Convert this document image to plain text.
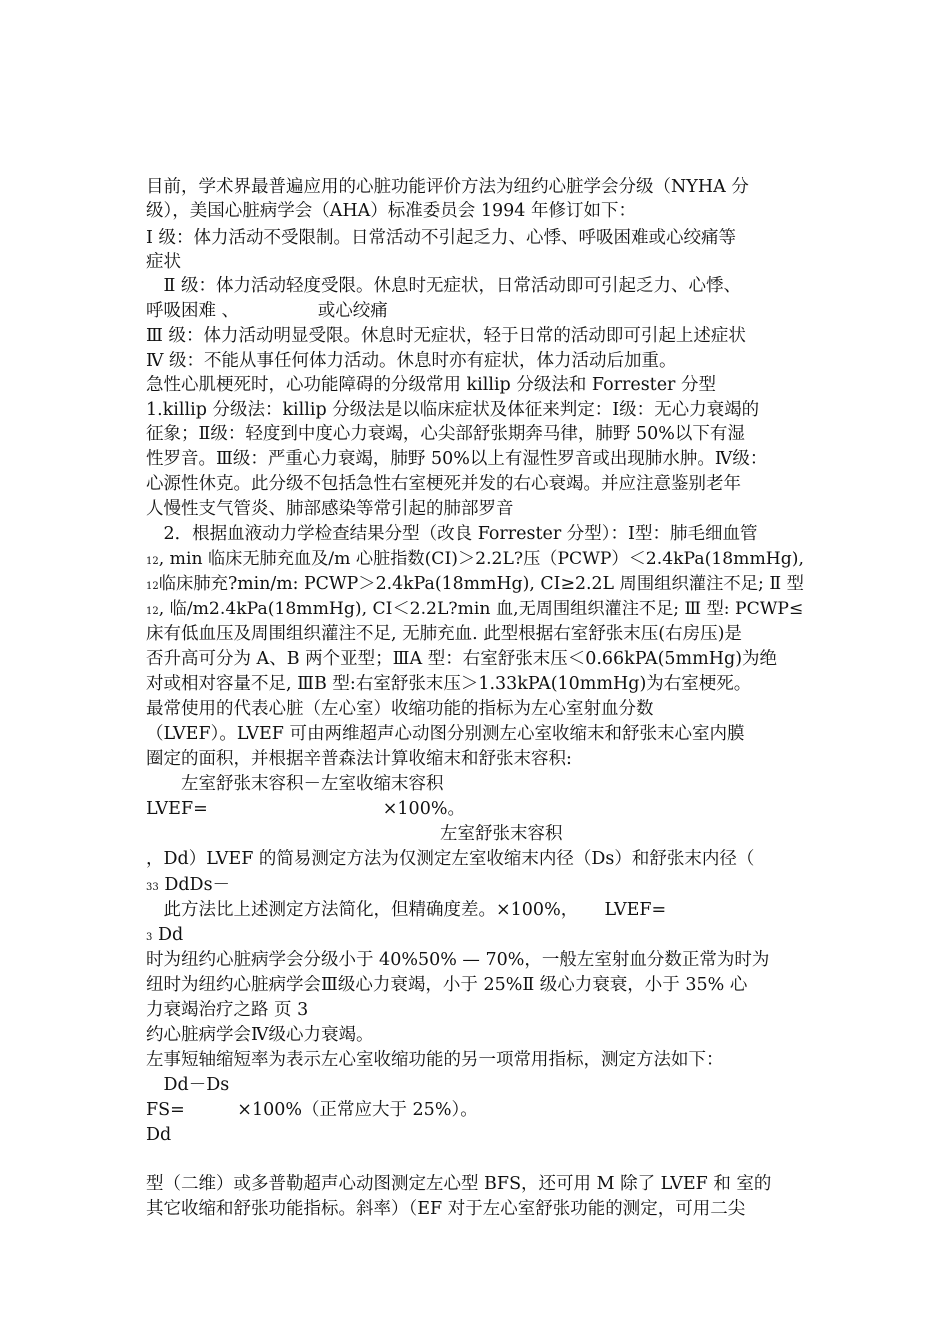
目前，学术界最普遍应用的心脏功能评价方法为纽约心脏学会分级（NYHA 分
级），美国心脏病学会（AHA）标准委员会 1994 年修订如下：
Ⅰ 级：体力活动不受限制。日常活动不引起乏力、心悸、呼吸困难或心绞痛等
症状
　Ⅱ 级：体力活动轻度受限。休息时无症状，日常活动即可引起乏力、心悸、
呼吸困难 、　　　　　或心绞痛
Ⅲ 级：体力活动明显受限。休息时无症状，轻于日常的活动即可引起上述症状
Ⅳ 级：不能从事任何体力活动。休息时亦有症状，体力活动后加重。
急性心肌梗死时，心功能障碍的分级常用 killip 分级法和 Forrester 分型
1.killip 分级法：killip 分级法是以临床症状及体征来判定：Ⅰ级：无心力衰竭的
征象；Ⅱ级：轻度到中度心力衰竭，心尖部舒张期奔马律，肺野 50%以下有湿
性罗音。Ⅲ级：严重心力衰竭，肺野 50%以上有湿性罗音或出现肺水肿。Ⅳ级：
心源性休克。此分级不包括急性右室梗死并发的右心衰竭。并应注意鉴别老年
人慢性支气管炎、肺部感染等常引起的肺部罗音
　2．根据血液动力学检查结果分型（改良 Forrester 分型）：Ⅰ型：肺毛细血管
12, min 临床无肺充血及/m 心脏指数(CI)＞2.2L?压（PCWP）＜2.4kPa(18mmHg),
12临床肺充?min/m: PCWP＞2.4kPa(18mmHg), CI≥2.2L 周围组织灌注不足; Ⅱ 型
12, 临/m2.4kPa(18mmHg), CI＜2.2L?min 血,无周围组织灌注不足; Ⅲ 型: PCWP≤
床有低血压及周围组织灌注不足, 无肺充血. 此型根据右室舒张末压(右房压)是
否升高可分为 A、B 两个亚型；ⅢA 型：右室舒张末压＜0.66kPA(5mmHg)为绝
对或相对容量不足, ⅢB 型:右室舒张末压＞1.33kPA(10mmHg)为右室梗死。
最常使用的代表心脏（左心室）收缩功能的指标为左心室射血分数
（LVEF）。LVEF 可由两维超声心动图分别测左心室收缩末和舒张末心室内膜
圈定的面积，并根据辛普森法计算收缩末和舒张末容积:
　　左室舒张末容积－左室收缩末容积
LVEF=　　　　　　　　　　×100%。
左室舒张末容积
，Dd）LVEF 的简易测定方法为仅测定左室收缩末内径（Ds）和舒张末内径（
33 DdDs－
　此方法比上述测定方法简化，但精确度差。×100%，　　LVEF=
3 Dd
时为纽约心脏病学会分级小于 40%50% — 70%，一般左室射血分数正常为时为
纽时为纽约心脏病学会Ⅲ级心力衰竭，小于 25%Ⅱ 级心力衰衰，小于 35% 心
力衰竭治疗之路 页 3
约心脏病学会Ⅳ级心力衰竭。
左事短轴缩短率为表示左心室收缩功能的另一项常用指标，测定方法如下：
　Dd－Ds
FS=　　　×100%（正常应大于 25%）。
Dd
型（二维）或多普勒超声心动图测定左心型 BFS，还可用 M 除了 LVEF 和 室的
其它收缩和舒张功能指标。斜率）（EF 对于左心室舒张功能的测定，可用二尖
